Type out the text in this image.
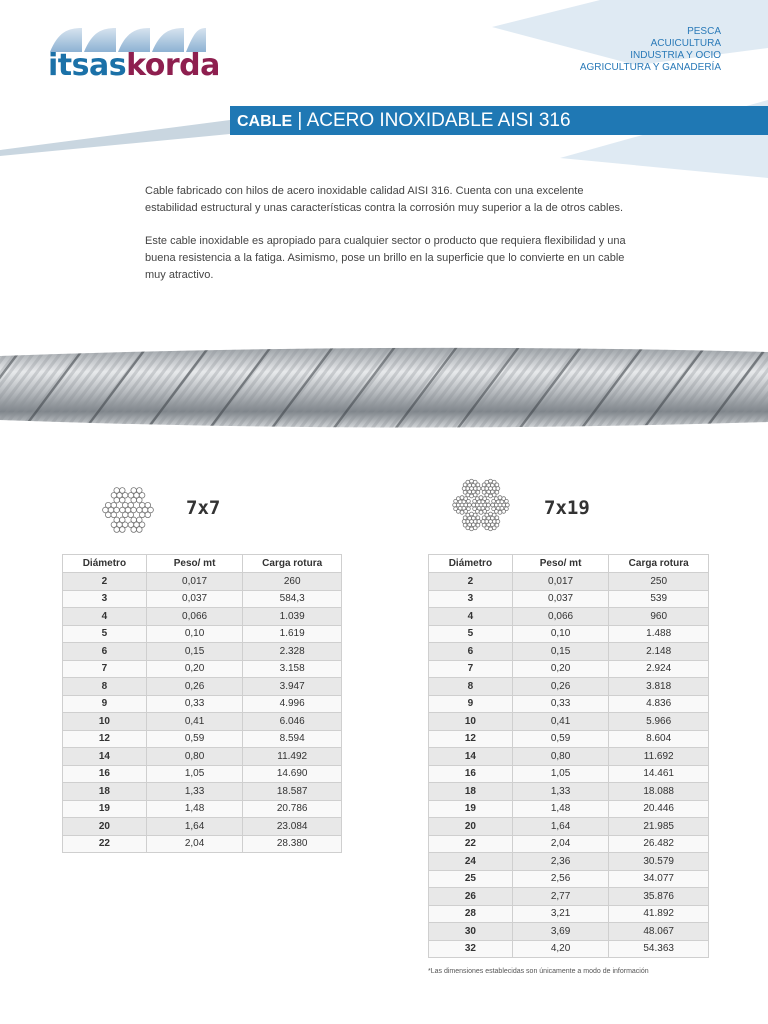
itsaskorda
PESCA
ACUICULTURA
INDUSTRIA Y OCIO
AGRICULTURA Y GANADERÍA
CABLE | ACERO INOXIDABLE AISI 316

Cable fabricado con hilos de acero inoxidable calidad AISI 316. Cuenta con una excelente estabilidad estructural y unas características contra la corrosión muy superior a la de otros cables.

Este cable inoxidable es apropiado para cualquier sector o producto que requiera flexibilidad y una buena resistencia a la fatiga. Asimismo, pose un brillo en la superficie que lo convierte en un cable muy atractivo.

7x7	7x19
Diámetro	Peso/ mt	Carga rotura
2	0,017	260
3	0,037	584,3
4	0,066	1.039
5	0,10	1.619
6	0,15	2.328
7	0,20	3.158
8	0,26	3.947
9	0,33	4.996
10	0,41	6.046
12	0,59	8.594
14	0,80	11.492
16	1,05	14.690
18	1,33	18.587
19	1,48	20.786
20	1,64	23.084
22	2,04	28.380
Diámetro	Peso/ mt	Carga rotura
2	0,017	250
3	0,037	539
4	0,066	960
5	0,10	1.488
6	0,15	2.148
7	0,20	2.924
8	0,26	3.818
9	0,33	4.836
10	0,41	5.966
12	0,59	8.604
14	0,80	11.692
16	1,05	14.461
18	1,33	18.088
19	1,48	20.446
20	1,64	21.985
22	2,04	26.482
24	2,36	30.579
25	2,56	34.077
26	2,77	35.876
28	3,21	41.892
30	3,69	48.067
32	4,20	54.363
*Las dimensiones establecidas son únicamente a modo de información
